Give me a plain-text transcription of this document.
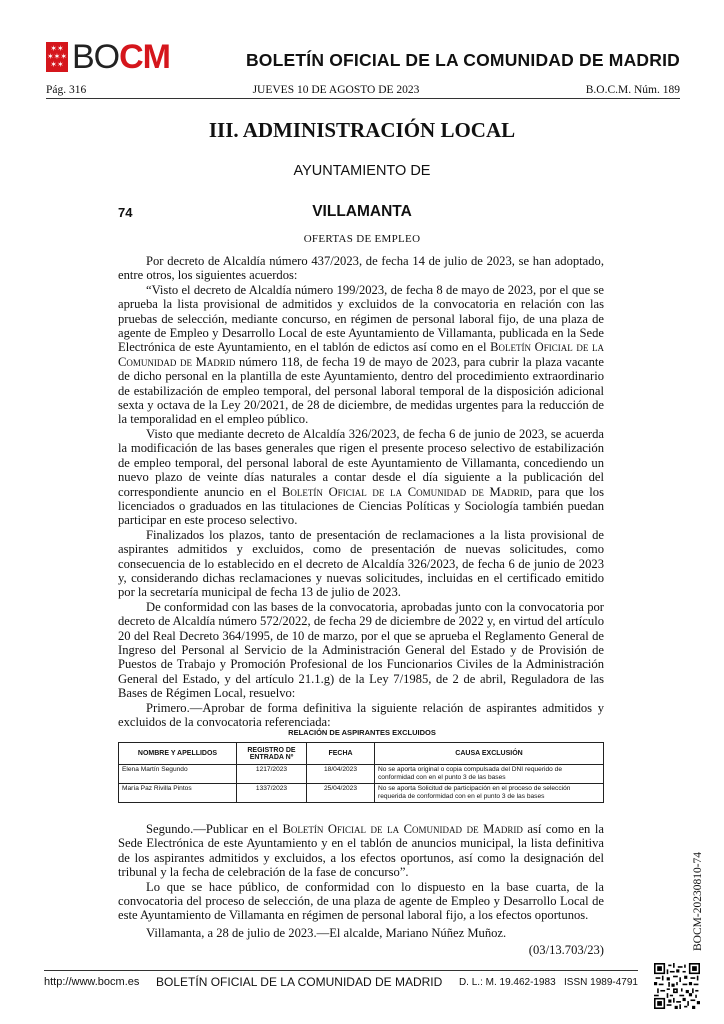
✶✶
✶✶✶
✶✶ BOCM	BOLETÍN OFICIAL DE LA COMUNIDAD DE MADRID
Pág. 316	JUEVES 10 DE AGOSTO DE 2023	B.O.C.M. Núm. 189
III. ADMINISTRACIÓN LOCAL
AYUNTAMIENTO DE
74	VILLAMANTA
OFERTAS DE EMPLEO

Por decreto de Alcaldía número 437/2023, de fecha 14 de julio de 2023, se han adoptado, entre otros, los siguientes acuerdos:

“Visto el decreto de Alcaldía número 199/2023, de fecha 8 de mayo de 2023, por el que se aprueba la lista provisional de admitidos y excluidos de la convocatoria en relación con las pruebas de selección, mediante concurso, en régimen de personal laboral fijo, de una plaza de agente de Empleo y Desarrollo Local de este Ayuntamiento de Villamanta, publicada en la Sede Electrónica de este Ayuntamiento, en el tablón de edictos así como en el Boletín Oficial de la Comunidad de Madrid número 118, de fecha 19 de mayo de 2023, para cubrir la plaza vacante de dicho personal en la plantilla de este Ayuntamiento, dentro del procedimiento extraordinario de estabilización de empleo temporal, del personal laboral temporal de la disposición adicional sexta y octava de la Ley 20/2021, de 28 de diciembre, de medidas urgentes para la reducción de la temporalidad en el empleo público.

Visto que mediante decreto de Alcaldía 326/2023, de fecha 6 de junio de 2023, se acuerda la modificación de las bases generales que rigen el presente proceso selectivo de estabilización de empleo temporal, del personal laboral de este Ayuntamiento de Villamanta, concediendo un nuevo plazo de veinte días naturales a contar desde el día siguiente a la publicación del correspondiente anuncio en el Boletín Oficial de la Comunidad de Madrid, para que los licenciados o graduados en las titulaciones de Ciencias Políticas y Sociología también puedan participar en este proceso selectivo.

Finalizados los plazos, tanto de presentación de reclamaciones a la lista provisional de aspirantes admitidos y excluidos, como de presentación de nuevas solicitudes, como consecuencia de lo establecido en el decreto de Alcaldía 326/2023, de fecha 6 de junio de 2023 y, considerando dichas reclamaciones y nuevas solicitudes, incluidas en el certificado emitido por la secretaría municipal de fecha 13 de julio de 2023.

De conformidad con las bases de la convocatoria, aprobadas junto con la convocatoria por decreto de Alcaldía número 572/2022, de fecha 29 de diciembre de 2022 y, en virtud del artículo 20 del Real Decreto 364/1995, de 10 de marzo, por el que se aprueba el Reglamento General de Ingreso del Personal al Servicio de la Administración General del Estado y de Provisión de Puestos de Trabajo y Promoción Profesional de los Funcionarios Civiles de la Administración General del Estado, y del artículo 21.1.g) de la Ley 7/1985, de 2 de abril, Reguladora de las Bases de Régimen Local, resuelvo:

Primero.—Aprobar de forma definitiva la siguiente relación de aspirantes admitidos y excluidos de la convocatoria referenciada:

RELACIÓN DE ASPIRANTES EXCLUIDOS
NOMBRE Y APELLIDOS	REGISTRO DE ENTRADA Nº	FECHA	CAUSA EXCLUSIÓN
Elena Martín Segundo	1217/2023	18/04/2023	No se aporta original o copia compulsada del DNI requerido de conformidad con en el punto 3 de las bases
María Paz Rivilla Pintos	1337/2023	25/04/2023	No se aporta Solicitud de participación en el proceso de selección requerida de conformidad con en el punto 3 de las bases

Segundo.—Publicar en el Boletín Oficial de la Comunidad de Madrid así como en la Sede Electrónica de este Ayuntamiento y en el tablón de anuncios municipal, la lista definitiva de los aspirantes admitidos y excluidos, a los efectos oportunos, así como la designación del tribunal y la fecha de celebración de la fase de concurso”.

Lo que se hace público, de conformidad con lo dispuesto en la base cuarta, de la convocatoria del proceso de selección, de una plaza de agente de Empleo y Desarrollo Local de este Ayuntamiento de Villamanta en régimen de personal laboral fijo, a los efectos oportunos.

Villamanta, a 28 de julio de 2023.—El alcalde, Mariano Núñez Muñoz.

(03/13.703/23)	BOCM-20230810-74
http://www.bocm.es BOLETÍN OFICIAL DE LA COMUNIDAD DE MADRID D. L.: M. 19.462-1983 ISSN 1989-4791
